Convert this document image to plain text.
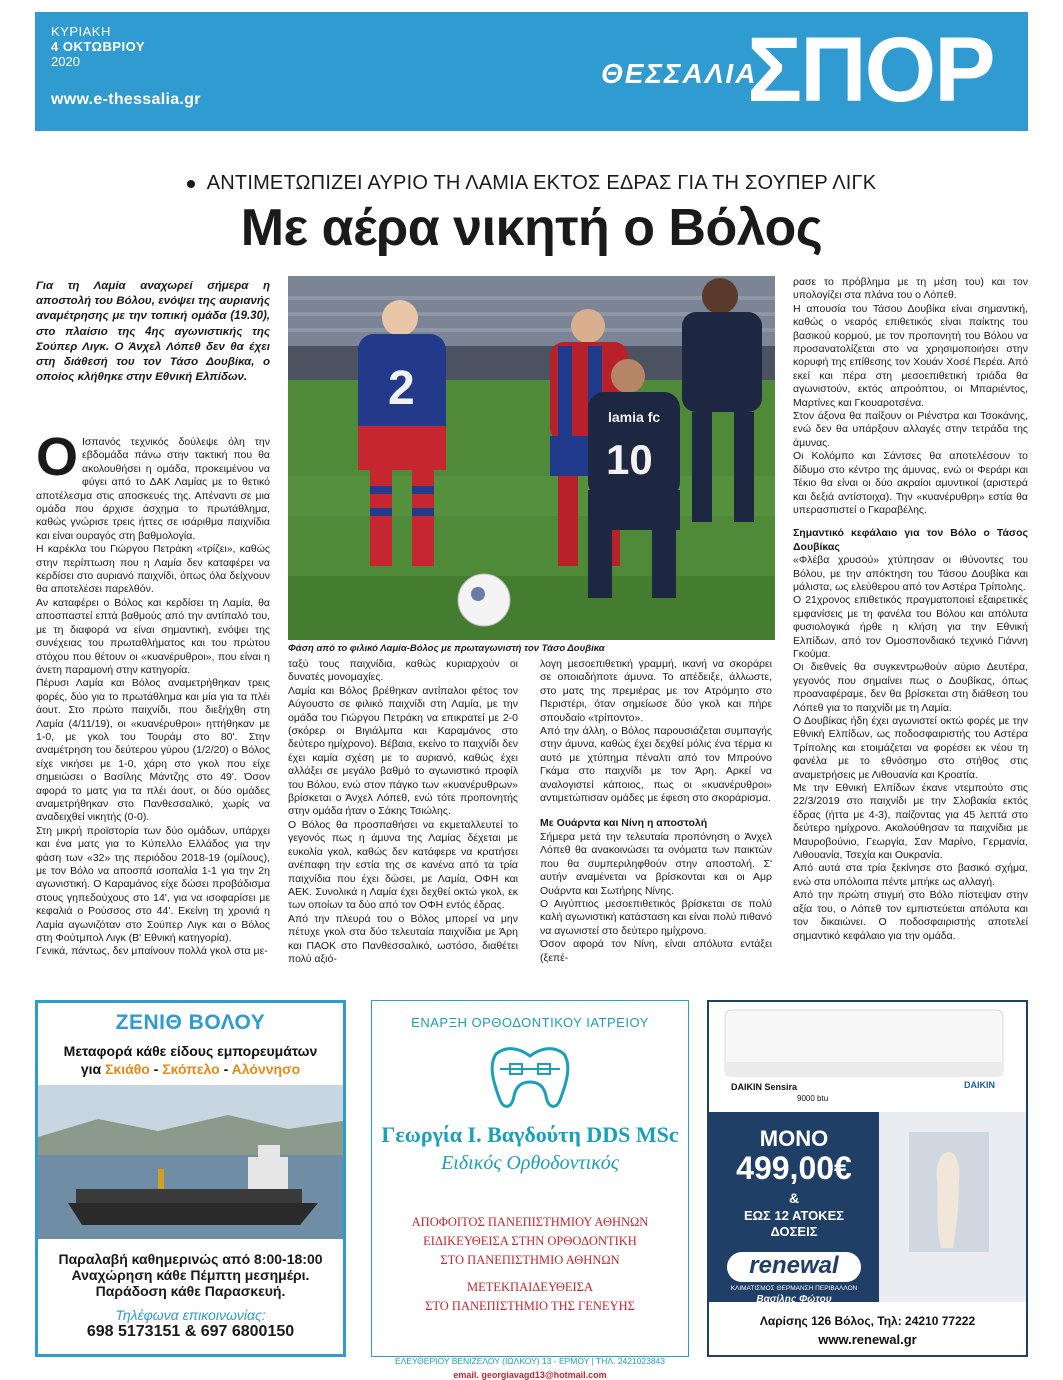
ΚΥΡΙΑΚΗ
4 ΟΚΤΩΒΡΙΟΥ
2020
www.e-thessalia.gr
ΘΕΣΣΑΛΙΑ
ΣΠΟΡ
ΑΝΤΙΜΕΤΩΠΙΖΕΙ ΑΥΡΙΟ ΤΗ ΛΑΜΙΑ ΕΚΤΟΣ ΕΔΡΑΣ ΓΙΑ ΤΗ ΣΟΥΠΕΡ ΛΙΓΚ
Με αέρα νικητή ο Βόλος
Για τη Λαμία αναχωρεί σήμερα η αποστολή του Βόλου, ενόψει της αυριανής αναμέτρησης με την τοπική ομάδα (19.30), στο πλαίσιο της 4ης αγωνιστικής της Σούπερ Λιγκ. Ο Άνχελ Λόπεθ δεν θα έχει στη διάθεσή του τον Τάσο Δουβίκα, ο οποίος κλήθηκε στην Εθνική Ελπίδων.

Ο Ισπανός τεχνικός δούλεψε όλη την εβδομάδα πάνω στην τακτική που θα ακολουθήσει η ομάδα, προκειμένου να φύγει από το ΔΑΚ Λαμίας με το θετικό αποτέλεσμα στις αποσκευές της. Απέναντι σε μια ομάδα που άρχισε άσχημα το πρωτάθλημα, καθώς γνώρισε τρεις ήττες σε ισάριθμα παιχνίδια και είναι ουραγός στη βαθμολογία.

Η καρέκλα του Γιώργου Πετράκη «τρίζει», καθώς στην περίπτωση που η Λαμία δεν καταφέρει να κερδίσει στο αυριανό παιχνίδι, όπως όλα δείχνουν θα αποτελέσει παρελθόν.

Αν καταφέρει ο Βόλος και κερδίσει τη Λαμία, θα αποσπαστεί επτά βαθμούς από την αντίπαλό του, με τη διαφορά να είναι σημαντική, ενόψει της συνέχειας του πρωταθλήματος και του πρώτου στόχου που θέτουν οι «κυανέρυθροι», που είναι η άνετη παραμονή στην κατηγορία.

Πέρυσι Λαμία και Βόλος αναμετρήθηκαν τρεις φορές, δύο για το πρωτάθλημα και μία για τα πλέι άουτ. Στο πρώτο παιχνίδι, που διεξήχθη στη Λαμία (4/11/19), οι «κυανέρυθροι» ηττήθηκαν με 1-0, με γκολ του Τουράμ στο 80'. Στην αναμέτρηση του δεύτερου γύρου (1/2/20) ο Βόλος είχε νικήσει με 1-0, χάρη στο γκολ που είχε σημειώσει ο Βασίλης Μάντζης στο 49'. Όσον αφορά το ματς για τα πλέι άουτ, οι δύο ομάδες αναμετρήθηκαν στο Πανθεσσαλικό, χωρίς να αναδειχθεί νικητής (0-0).

Στη μικρή προϊστορία των δύο ομάδων, υπάρχει και ένα ματς για το Κύπελλο Ελλάδος για την φάση των «32» της περιόδου 2018-19 (ομίλους), με τον Βόλο να αποσπά ισοπαλία 1-1 για την 2η αγωνιστική. Ο Καραμάνος είχε δώσει προβάδισμα στους γηπεδούχους στο 14', για να ισοφαρίσει με κεφαλιά ο Ρούσσος στο 44'. Εκείνη τη χρονιά η Λαμία αγωνιζόταν στο Σούπερ Λιγκ και ο Βόλος στη Φούτμπολ Λιγκ (Β' Εθνική κατηγορία).

Γενικά, πάντως, δεν μπαίνουν πολλά γκολ στα με-

2
lamia fc
10
Φάση από το φιλικό Λαμία-Βόλος με πρωταγωνιστή τον Τάσο Δουβίκα

ταξύ τους παιχνίδια, καθώς κυριαρχούν οι δυνατές μονομαχίες.

Λαμία και Βόλος βρέθηκαν αντίπαλοι φέτος τον Αύγουστο σε φιλικό παιχνίδι στη Λαμία, με την ομάδα του Γιώργου Πετράκη να επικρατεί με 2-0 (σκόρερ οι Βιγιάλμπα και Καραμάνος στο δεύτερο ημίχρονο). Βέβαια, εκείνο το παιχνίδι δεν έχει καμία σχέση με το αυριανό, καθώς έχει αλλάξει σε μεγάλο βαθμό το αγωνιστικό προφίλ του Βόλου, ενώ στον πάγκο των «κυανέρυθρων» βρίσκεται ο Άνχελ Λόπεθ, ενώ τότε προπονητής στην ομάδα ήταν ο Σάκης Τσιώλης.

Ο Βόλος θα προσπαθήσει να εκμεταλλευτεί το γεγονός πως η άμυνα της Λαμίας δέχεται με ευκολία γκολ, καθώς δεν κατάφερε να κρατήσει ανέπαφη την εστία της σε κανένα από τα τρία παιχνίδια που έχει δώσει, με Λαμία, ΟΦΗ και ΑΕΚ. Συνολικά η Λαμία έχει δεχθεί οκτώ γκολ, εκ των οποίων τα δύο από τον ΟΦΗ εντός έδρας.

Από την πλευρά του ο Βόλος μπορεί να μην πέτυχε γκολ στα δύο τελευταία παιχνίδια με Άρη και ΠΑΟΚ στο Πανθεσσαλικό, ωστόσο, διαθέτει πολύ αξιό-

λογη μεσοεπιθετική γραμμή, ικανή να σκοράρει σε οποιαδήποτε άμυνα. Το απέδειξε, άλλωστε, στο ματς της πρεμιέρας με τον Ατρόμητο στο Περιστέρι, όταν σημείωσε δύο γκολ και πήρε σπουδαίο «τρίποντο».

Από την άλλη, ο Βόλος παρουσιάζεται συμπαγής στην άμυνα, καθώς έχει δεχθεί μόλις ένα τέρμα κι αυτό με χτύπημα πέναλτι από τον Μπρούνο Γκάμα στο παιχνίδι με τον Άρη. Αρκεί να αναλογιστεί κάποιος, πως οι «κυανέρυθροι» αντιμετώπισαν ομάδες με έφεση στο σκοράρισμα.

Με Ουάρντα και Νίνη η αποστολή

Σήμερα μετά την τελευταία προπόνηση ο Άνχελ Λόπεθ θα ανακοινώσει τα ονόματα των παικτών που θα συμπεριληφθούν στην αποστολή. Σ' αυτήν αναμένεται να βρίσκονται και οι Αμρ Ουάρντα και Σωτήρης Νίνης.

Ο Αιγύπτιος μεσοεπιθετικός βρίσκεται σε πολύ καλή αγωνιστική κατάσταση και είναι πολύ πιθανό να αγωνιστεί στο δεύτερο ημίχρονο.

Όσον αφορά τον Νίνη, είναι απόλυτα εντάξει (ξεπέ-

ρασε το πρόβλημα με τη μέση του) και τον υπολογίζει στα πλάνα του ο Λόπεθ.

Η απουσία του Τάσου Δουβίκα είναι σημαντική, καθώς ο νεαρός επιθετικός είναι παίκτης του βασικού κορμού, με τον προπονητή του Βόλου να προσανατολίζεται στο να χρησιμοποιήσει στην κορυφή της επίθεσης τον Χουάν Χοσέ Περέα. Από εκεί και πέρα στη μεσοεπιθετική τριάδα θα αγωνιστούν, εκτός απροόπτου, οι Μπαριέντος, Μαρτίνες και Γκουαροτσένα.

Στον άξονα θα παίξουν οι Ριένστρα και Τσοκάνης, ενώ δεν θα υπάρξουν αλλαγές στην τετράδα της άμυνας.

Οι Κολόμπο και Σάντσες θα αποτελέσουν το δίδυμο στο κέντρο της άμυνας, ενώ οι Φεράρι και Τέκιο θα είναι οι δύο ακραίοι αμυντικοί (αριστερά και δεξιά αντίστοιχα). Την «κυανέρυθρη» εστία θα υπερασπιστεί ο Γκαραβέλης.

Σημαντικό κεφάλαιο για τον Βόλο ο Τάσος Δουβίκας

«Φλέβα χρυσού» χτύπησαν οι ιθύνοντες του Βόλου, με την απόκτηση του Τάσου Δουβίκα και μάλιστα, ως ελεύθερου από τον Αστέρα Τρίπολης.

Ο 21χρονος επιθετικός πραγματοποιεί εξαιρετικές εμφανίσεις με τη φανέλα του Βόλου και απόλυτα φυσιολογικά ήρθε η κλήση για την Εθνική Ελπίδων, από τον Ομοσπονδιακό τεχνικό Γιάννη Γκούμα.

Οι διεθνείς θα συγκεντρωθούν αύριο Δευτέρα, γεγονός που σημαίνει πως ο Δουβίκας, όπως προαναφέραμε, δεν θα βρίσκεται στη διάθεση του Λόπεθ για το παιχνίδι με τη Λαμία.

Ο Δουβίκας ήδη έχει αγωνιστεί οκτώ φορές με την Εθνική Ελπίδων, ως ποδοσφαιριστής του Αστέρα Τρίπολης και ετοιμάζεται να φορέσει εκ νέου τη φανέλα με το εθνόσημο στο στήθος στις αναμετρήσεις με Λιθουανία και Κροατία.

Με την Εθνική Ελπίδων έκανε ντεμπούτο στις 22/3/2019 στο παιχνίδι με την Σλοβακία εκτός έδρας (ήττα με 4-3), παίζοντας για 45 λεπτά στο δεύτερο ημίχρονο. Ακολούθησαν τα παιχνίδια με Μαυροβούνιο, Γεωργία, Σαν Μαρίνο, Γερμανία, Λιθουανία, Τσεχία και Ουκρανία.

Από αυτά στα τρία ξεκίνησε στο βασικό σχήμα, ενώ στα υπόλοιπα πέντε μπήκε ως αλλαγή.

Από την πρώτη στιγμή στο Βόλο πίστεψαν στην αξία του, ο Λόπεθ τον εμπιστεύεται απόλυτα και τον δικαιώνει. Ο ποδοσφαιριστής αποτελεί σημαντικό κεφάλαιο για την ομάδα.

ΖΕΝΙΘ ΒΟΛΟΥ
Μεταφορά κάθε είδους εμπορευμάτων
για Σκιάθο - Σκόπελο - Αλόννησο
Παραλαβή καθημερινώς από 8:00-18:00
Αναχώρηση κάθε Πέμπτη μεσημέρι.
Παράδοση κάθε Παρασκευή.
Τηλέφωνα επικοινωνίας:
698 5173151 & 697 6800150
ΕΝΑΡΞΗ ΟΡΘΟΔΟΝΤΙΚΟΥ ΙΑΤΡΕΙΟΥ
Γεωργία Ι. Βαγδούτη DDS MSc
Ειδικός Ορθοδοντικός
ΑΠΟΦΟΙΤΟΣ ΠΑΝΕΠΙΣΤΗΜΙΟΥ ΑΘΗΝΩΝ
ΕΙΔΙΚΕΥΘΕΙΣΑ ΣΤΗΝ ΟΡΘΟΔΟΝΤΙΚΗ
ΣΤΟ ΠΑΝΕΠΙΣΤΗΜΙΟ ΑΘΗΝΩΝ
ΜΕΤΕΚΠΑΙΔΕΥΘΕΙΣΑ
ΣΤΟ ΠΑΝΕΠΙΣΤΗΜΙΟ ΤΗΣ ΓΕΝΕΥΗΣ
ΕΛΕΥΘΕΡΙΟΥ ΒΕΝΙΖΕΛΟΥ (ΙΩΛΚΟΥ) 13 - ΕΡΜΟΥ | ΤΗΛ. 2421023843
email. georgiavagd13@hotmail.com
DAIKIN
DAIKIN Sensira
9000 btu
ΜΟΝΟ
499,00€
&
ΕΩΣ 12 ΑΤΟΚΕΣ
ΔΟΣΕΙΣ
renewal
ΚΛΙΜΑΤΙΣΜΟΣ ΘΕΡΜΑΝΣΗ ΠΕΡΙΒΑΛΛΟΝ
Βασίλης Φώτου
Λαρίσης 126 Βόλος, Τηλ: 24210 77222
www.renewal.gr
